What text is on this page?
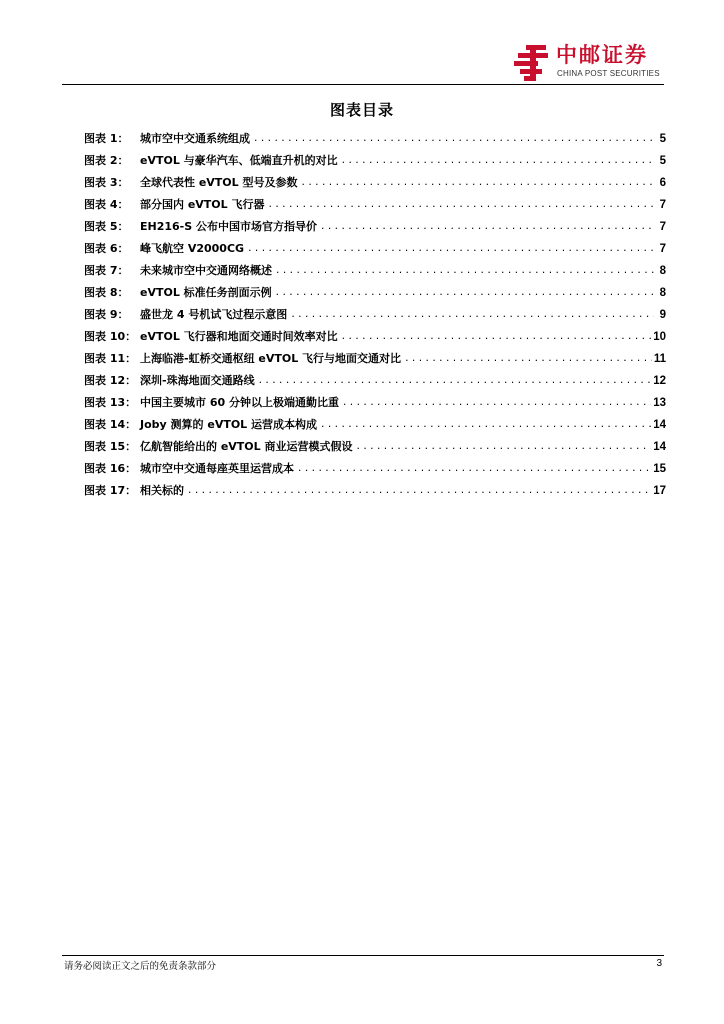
中邮证券
CHINA POST SECURITIES
图表目录
图表 1：	城市空中交通系统组成 .....	5
图表 2：	eVTOL 与豪华汽车、低端直升机的对比 .....	5
图表 3：	全球代表性 eVTOL 型号及参数 .....	6
图表 4：	部分国内 eVTOL 飞行器 .....	7
图表 5：	EH216-S 公布中国市场官方指导价 .....	7
图表 6：	峰飞航空 V2000CG .....	7
图表 7：	未来城市空中交通网络概述 .....	8
图表 8：	eVTOL 标准任务剖面示例 .....	8
图表 9：	盛世龙 4 号机试飞过程示意图 .....	9
图表 10： eVTOL 飞行器和地面交通时间效率对比 .....	10
图表 11： 上海临港-虹桥交通枢纽 eVTOL 飞行与地面交通对比 .....	11
图表 12： 深圳-珠海地面交通路线 .....	12
图表 13： 中国主要城市 60 分钟以上极端通勤比重 .....	13
图表 14： Joby 测算的 eVTOL 运营成本构成 .....	14
图表 15： 亿航智能给出的 eVTOL 商业运营模式假设 .....	14
图表 16： 城市空中交通每座英里运营成本 .....	15
图表 17： 相关标的 .....	17
请务必阅读正文之后的免责条款部分	3
